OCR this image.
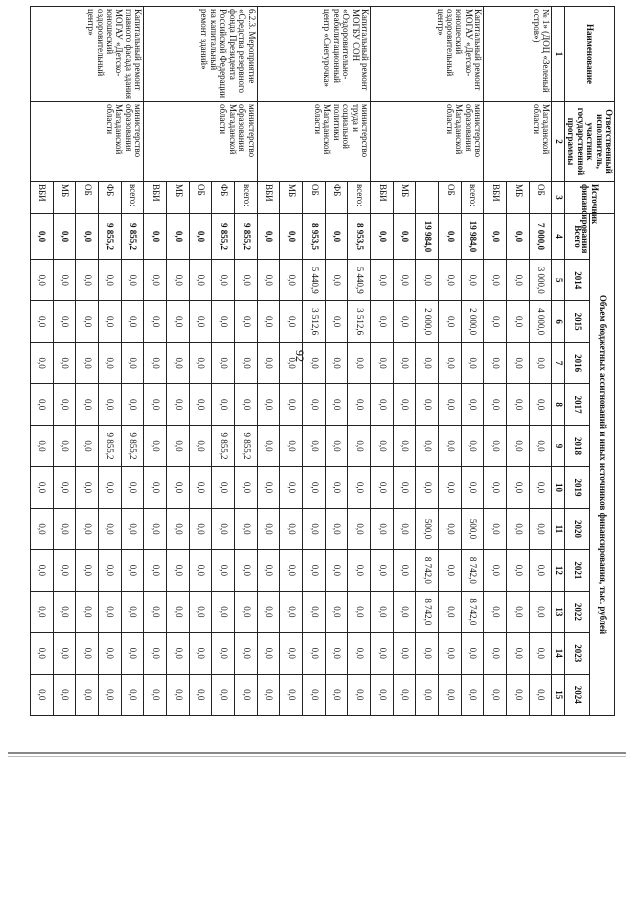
92
Наименование	Ответственный исполнитель, участник государственной программы	Источник финансирования	Объем бюджетных ассигнований и иных источников финансирования, тыс. рублей											
			Всего	2014	2015	2016	2017	2018	2019	2020	2021	2022	2023	2024
1	2	3	4	5	6	7	8	9	10	11	12	13	14	15
№ 1» (ДОЦ «Зеленый остров»)	Магаданской области	ОБ	7 000,0	3 000,0	4 000,0	0,0	0,0	0,0	0,0	0,0	0,0	0,0	0,0	0,0
		МБ	0,0	0,0	0,0	0,0	0,0	0,0	0,0	0,0	0,0	0,0	0,0	0,0
		ВБИ	0,0	0,0	0,0	0,0	0,0	0,0	0,0	0,0	0,0	0,0	0,0	0,0
Капитальный ремонт МОГАУ «Детско-юношеский оздоровительный центр»	министерство образования Магаданской области	всего:	19 984,0	0,0	2 000,0	0,0	0,0	0,0	0,0	500,0	8 742,0	8 742,0	0,0	0,0
		ОБ	0,0	0,0	0,0	0,0	0,0	0,0	0,0	0,0	0,0	0,0	0,0	0,0
			19 984,0	0,0	2 000,0	0,0	0,0	0,0	0,0	500,0	8 742,0	8 742,0	0,0	0,0
		МБ	0,0	0,0	0,0	0,0	0,0	0,0	0,0	0,0	0,0	0,0	0,0	0,0
		ВБИ	0,0	0,0	0,0	0,0	0,0	0,0	0,0	0,0	0,0	0,0	0,0	0,0
Капитальный ремонт МОГБУ СОН «Оздоровительно-реабилитационный центр «Снегурочка»	министерство труда и социальной политики Магаданской области	всего:	8 953,5	5 440,9	3 512,6	0,0	0,0	0,0	0,0	0,0	0,0	0,0	0,0	0,0
		ФБ	0,0	0,0	0,0	0,0	0,0	0,0	0,0	0,0	0,0	0,0	0,0	0,0
		ОБ	8 953,5	5 440,9	3 512,6	0,0	0,0	0,0	0,0	0,0	0,0	0,0	0,0	0,0
		МБ	0,0	0,0	0,0	0,0	0,0	0,0	0,0	0,0	0,0	0,0	0,0	0,0
		ВБИ	0,0	0,0	0,0	0,0	0,0	0,0	0,0	0,0	0,0	0,0	0,0	0,0
6.2.3. Мероприятие «Средства резервного фонда Президента Российской Федерации на капитальный ремонт зданий»	министерство образования Магаданской области	всего:	9 855,2	0,0	0,0	0,0	0,0	9 855,2	0,0	0,0	0,0	0,0	0,0	0,0
		ФБ	9 855,2	0,0	0,0	0,0	0,0	9 855,2	0,0	0,0	0,0	0,0	0,0	0,0
		ОБ	0,0	0,0	0,0	0,0	0,0	0,0	0,0	0,0	0,0	0,0	0,0	0,0
		МБ	0,0	0,0	0,0	0,0	0,0	0,0	0,0	0,0	0,0	0,0	0,0	0,0
		ВБИ	0,0	0,0	0,0	0,0	0,0	0,0	0,0	0,0	0,0	0,0	0,0	0,0
Капитальный ремонт главного фасада здания МОГАУ «Детско-юношеский оздоровительный центр»	министерство образования Магаданской области	всего:	9 855,2	0,0	0,0	0,0	0,0	9 855,2	0,0	0,0	0,0	0,0	0,0	0,0
		ФБ	9 855,2	0,0	0,0	0,0	0,0	9 855,2	0,0	0,0	0,0	0,0	0,0	0,0
		ОБ	0,0	0,0	0,0	0,0	0,0	0,0	0,0	0,0	0,0	0,0	0,0	0,0
		МБ	0,0	0,0	0,0	0,0	0,0	0,0	0,0	0,0	0,0	0,0	0,0	0,0
		ВБИ	0,0	0,0	0,0	0,0	0,0	0,0	0,0	0,0	0,0	0,0	0,0	0,0
